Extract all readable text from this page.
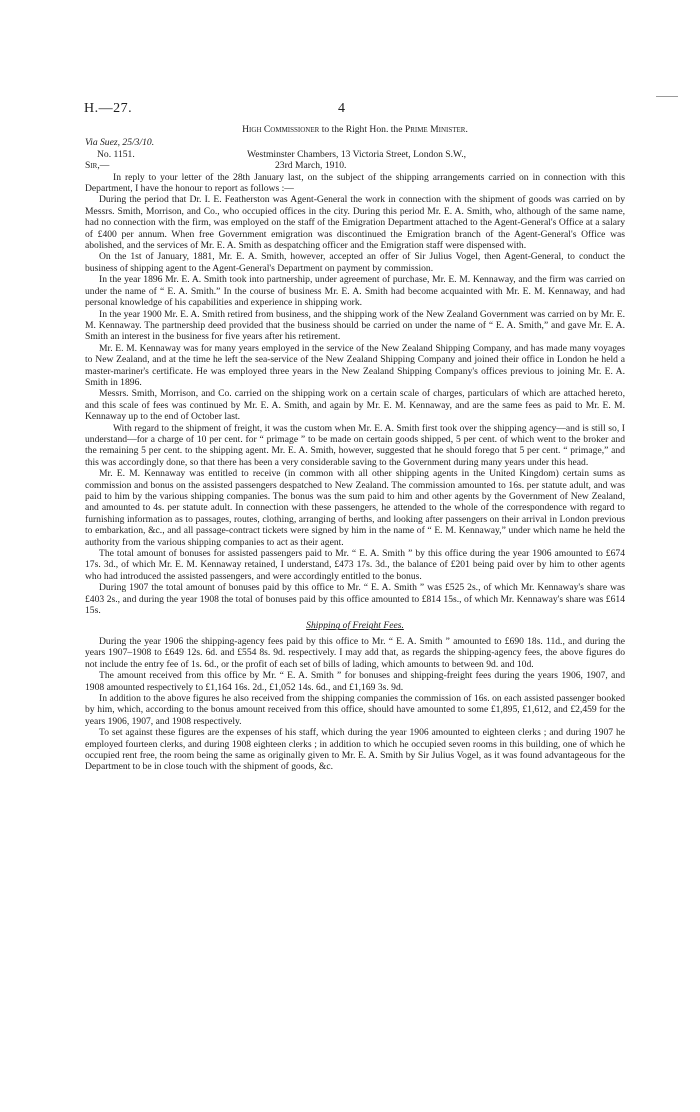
H.—27.	4
High Commissioner to the Right Hon. the Prime Minister.
Via Suez, 25/3/10.
No. 1151.	Westminster Chambers, 13 Victoria Street, London S.W.,
Sir,—	23rd March, 1910.

In reply to your letter of the 28th January last, on the subject of the shipping arrangements carried on in connection with this Department, I have the honour to report as follows :—

During the period that Dr. I. E. Featherston was Agent-General the work in connection with the shipment of goods was carried on by Messrs. Smith, Morrison, and Co., who occupied offices in the city. During this period Mr. E. A. Smith, who, although of the same name, had no connection with the firm, was employed on the staff of the Emigration Department attached to the Agent-General's Office at a salary of £400 per annum. When free Government emigration was discontinued the Emigration branch of the Agent-General's Office was abolished, and the services of Mr. E. A. Smith as despatching officer and the Emigration staff were dispensed with.

On the 1st of January, 1881, Mr. E. A. Smith, however, accepted an offer of Sir Julius Vogel, then Agent-General, to conduct the business of shipping agent to the Agent-General's Department on payment by commission.

In the year 1896 Mr. E. A. Smith took into partnership, under agreement of purchase, Mr. E. M. Kennaway, and the firm was carried on under the name of “ E. A. Smith.” In the course of business Mr. E. A. Smith had become acquainted with Mr. E. M. Kennaway, and had personal knowledge of his capabilities and experience in shipping work.

In the year 1900 Mr. E. A. Smith retired from business, and the shipping work of the New Zealand Government was carried on by Mr. E. M. Kennaway. The partnership deed provided that the business should be carried on under the name of “ E. A. Smith,” and gave Mr. E. A. Smith an interest in the business for five years after his retirement.

Mr. E. M. Kennaway was for many years employed in the service of the New Zealand Shipping Company, and has made many voyages to New Zealand, and at the time he left the sea-service of the New Zealand Shipping Company and joined their office in London he held a master-mariner's certificate. He was employed three years in the New Zealand Shipping Company's offices previous to joining Mr. E. A. Smith in 1896.

Messrs. Smith, Morrison, and Co. carried on the shipping work on a certain scale of charges, particulars of which are attached hereto, and this scale of fees was continued by Mr. E. A. Smith, and again by Mr. E. M. Kennaway, and are the same fees as paid to Mr. E. M. Kennaway up to the end of October last.

With regard to the shipment of freight, it was the custom when Mr. E. A. Smith first took over the shipping agency—and is still so, I understand—for a charge of 10 per cent. for “ primage ” to be made on certain goods shipped, 5 per cent. of which went to the broker and the remaining 5 per cent. to the shipping agent. Mr. E. A. Smith, however, suggested that he should forego that 5 per cent. “ primage,” and this was accordingly done, so that there has been a very considerable saving to the Government during many years under this head.

Mr. E. M. Kennaway was entitled to receive (in common with all other shipping agents in the United Kingdom) certain sums as commission and bonus on the assisted passengers despatched to New Zealand. The commission amounted to 16s. per statute adult, and was paid to him by the various shipping companies. The bonus was the sum paid to him and other agents by the Government of New Zealand, and amounted to 4s. per statute adult. In connection with these passengers, he attended to the whole of the correspondence with regard to furnishing information as to passages, routes, clothing, arranging of berths, and looking after passengers on their arrival in London previous to embarkation, &c., and all passage-contract tickets were signed by him in the name of “ E. M. Kennaway,” under which name he held the authority from the various shipping companies to act as their agent.

The total amount of bonuses for assisted passengers paid to Mr. “ E. A. Smith ” by this office during the year 1906 amounted to £674 17s. 3d., of which Mr. E. M. Kennaway retained, I understand, £473 17s. 3d., the balance of £201 being paid over by him to other agents who had introduced the assisted passengers, and were accordingly entitled to the bonus.

During 1907 the total amount of bonuses paid by this office to Mr. “ E. A. Smith ” was £525 2s., of which Mr. Kennaway's share was £403 2s., and during the year 1908 the total of bonuses paid by this office amounted to £814 15s., of which Mr. Kennaway's share was £614 15s.

Shipping of Freight Fees.

During the year 1906 the shipping-agency fees paid by this office to Mr. “ E. A. Smith ” amounted to £690 18s. 11d., and during the years 1907–1908 to £649 12s. 6d. and £554 8s. 9d. respectively. I may add that, as regards the shipping-agency fees, the above figures do not include the entry fee of 1s. 6d., or the profit of each set of bills of lading, which amounts to between 9d. and 10d.

The amount received from this office by Mr. “ E. A. Smith ” for bonuses and shipping-freight fees during the years 1906, 1907, and 1908 amounted respectively to £1,164 16s. 2d., £1,052 14s. 6d., and £1,169 3s. 9d.

In addition to the above figures he also received from the shipping companies the commission of 16s. on each assisted passenger booked by him, which, according to the bonus amount received from this office, should have amounted to some £1,895, £1,612, and £2,459 for the years 1906, 1907, and 1908 respectively.

To set against these figures are the expenses of his staff, which during the year 1906 amounted to eighteen clerks ; and during 1907 he employed fourteen clerks, and during 1908 eighteen clerks ; in addition to which he occupied seven rooms in this building, one of which he occupied rent free, the room being the same as originally given to Mr. E. A. Smith by Sir Julius Vogel, as it was found advantageous for the Department to be in close touch with the shipment of goods, &c.
